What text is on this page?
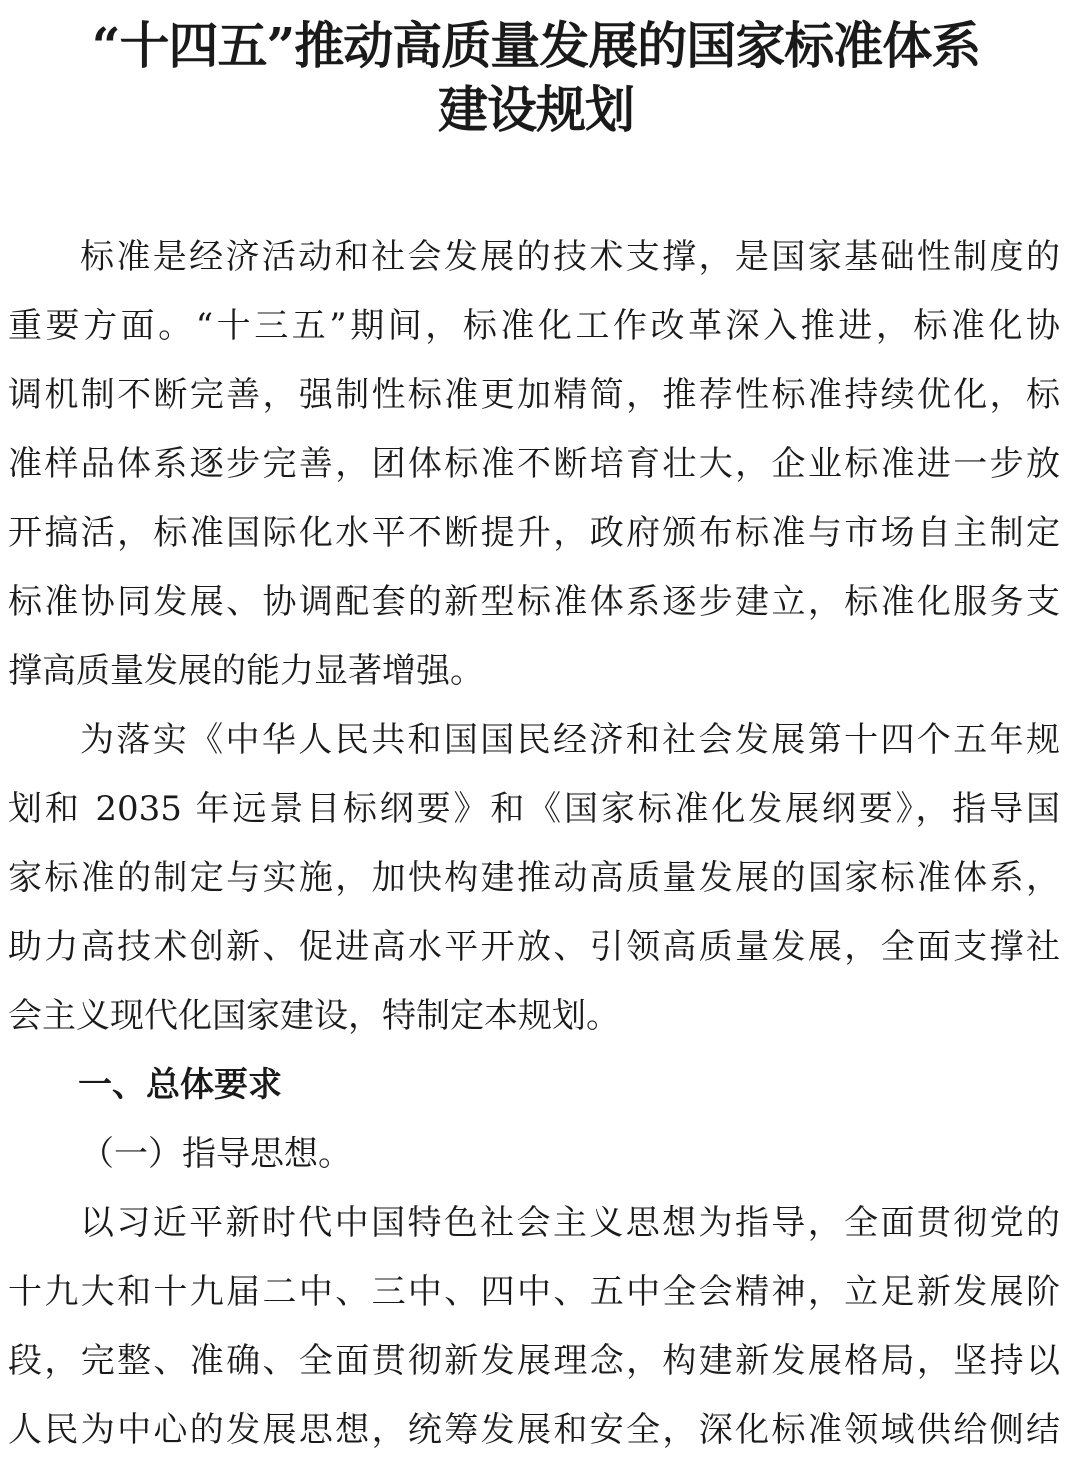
“十四五”推动高质量发展的国家标准体系
建设规划
标准是经济活动和社会发展的技术支撑，是国家基础性制度的
重要方面。“十三五”期间，标准化工作改革深入推进，标准化协
调机制不断完善，强制性标准更加精简，推荐性标准持续优化，标
准样品体系逐步完善，团体标准不断培育壮大，企业标准进一步放
开搞活，标准国际化水平不断提升，政府颁布标准与市场自主制定
标准协同发展、协调配套的新型标准体系逐步建立，标准化服务支
撑高质量发展的能力显著增强。
为落实《中华人民共和国国民经济和社会发展第十四个五年规
划和 2035 年远景目标纲要》和《国家标准化发展纲要》，指导国
家标准的制定与实施，加快构建推动高质量发展的国家标准体系，
助力高技术创新、促进高水平开放、引领高质量发展，全面支撑社
会主义现代化国家建设，特制定本规划。
一、总体要求
（一）指导思想。
以习近平新时代中国特色社会主义思想为指导，全面贯彻党的
十九大和十九届二中、三中、四中、五中全会精神，立足新发展阶
段，完整、准确、全面贯彻新发展理念，构建新发展格局，坚持以
人民为中心的发展思想，统筹发展和安全，深化标准领域供给侧结
